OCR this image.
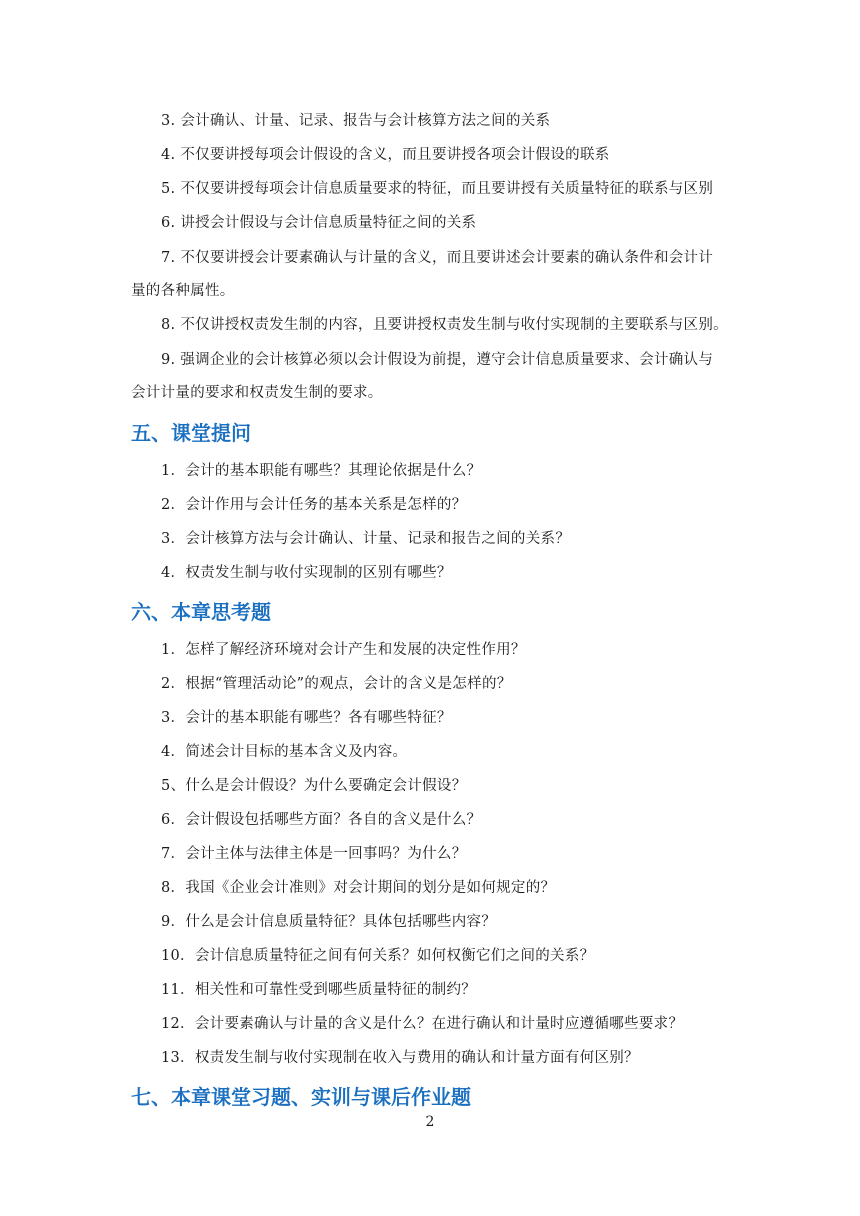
3. 会计确认、计量、记录、报告与会计核算方法之间的关系
4. 不仅要讲授每项会计假设的含义，而且要讲授各项会计假设的联系
5. 不仅要讲授每项会计信息质量要求的特征，而且要讲授有关质量特征的联系与区别
6. 讲授会计假设与会计信息质量特征之间的关系
7. 不仅要讲授会计要素确认与计量的含义，而且要讲述会计要素的确认条件和会计计
量的各种属性。
8. 不仅讲授权责发生制的内容，且要讲授权责发生制与收付实现制的主要联系与区别。
9. 强调企业的会计核算必须以会计假设为前提，遵守会计信息质量要求、会计确认与
会计计量的要求和权责发生制的要求。
五、课堂提问
1．会计的基本职能有哪些？其理论依据是什么？
2．会计作用与会计任务的基本关系是怎样的？
3．会计核算方法与会计确认、计量、记录和报告之间的关系？
4．权责发生制与收付实现制的区别有哪些？
六、本章思考题
1．怎样了解经济环境对会计产生和发展的决定性作用？
2．根据“管理活动论”的观点，会计的含义是怎样的？
3．会计的基本职能有哪些？各有哪些特征？
4．简述会计目标的基本含义及内容。
5、什么是会计假设？为什么要确定会计假设？
6．会计假设包括哪些方面？各自的含义是什么？
7．会计主体与法律主体是一回事吗？为什么？
8．我国《企业会计准则》对会计期间的划分是如何规定的？
9．什么是会计信息质量特征？具体包括哪些内容？
10．会计信息质量特征之间有何关系？如何权衡它们之间的关系？
11．相关性和可靠性受到哪些质量特征的制约？
12．会计要素确认与计量的含义是什么？在进行确认和计量时应遵循哪些要求？
13．权责发生制与收付实现制在收入与费用的确认和计量方面有何区别？
七、本章课堂习题、实训与课后作业题
2
